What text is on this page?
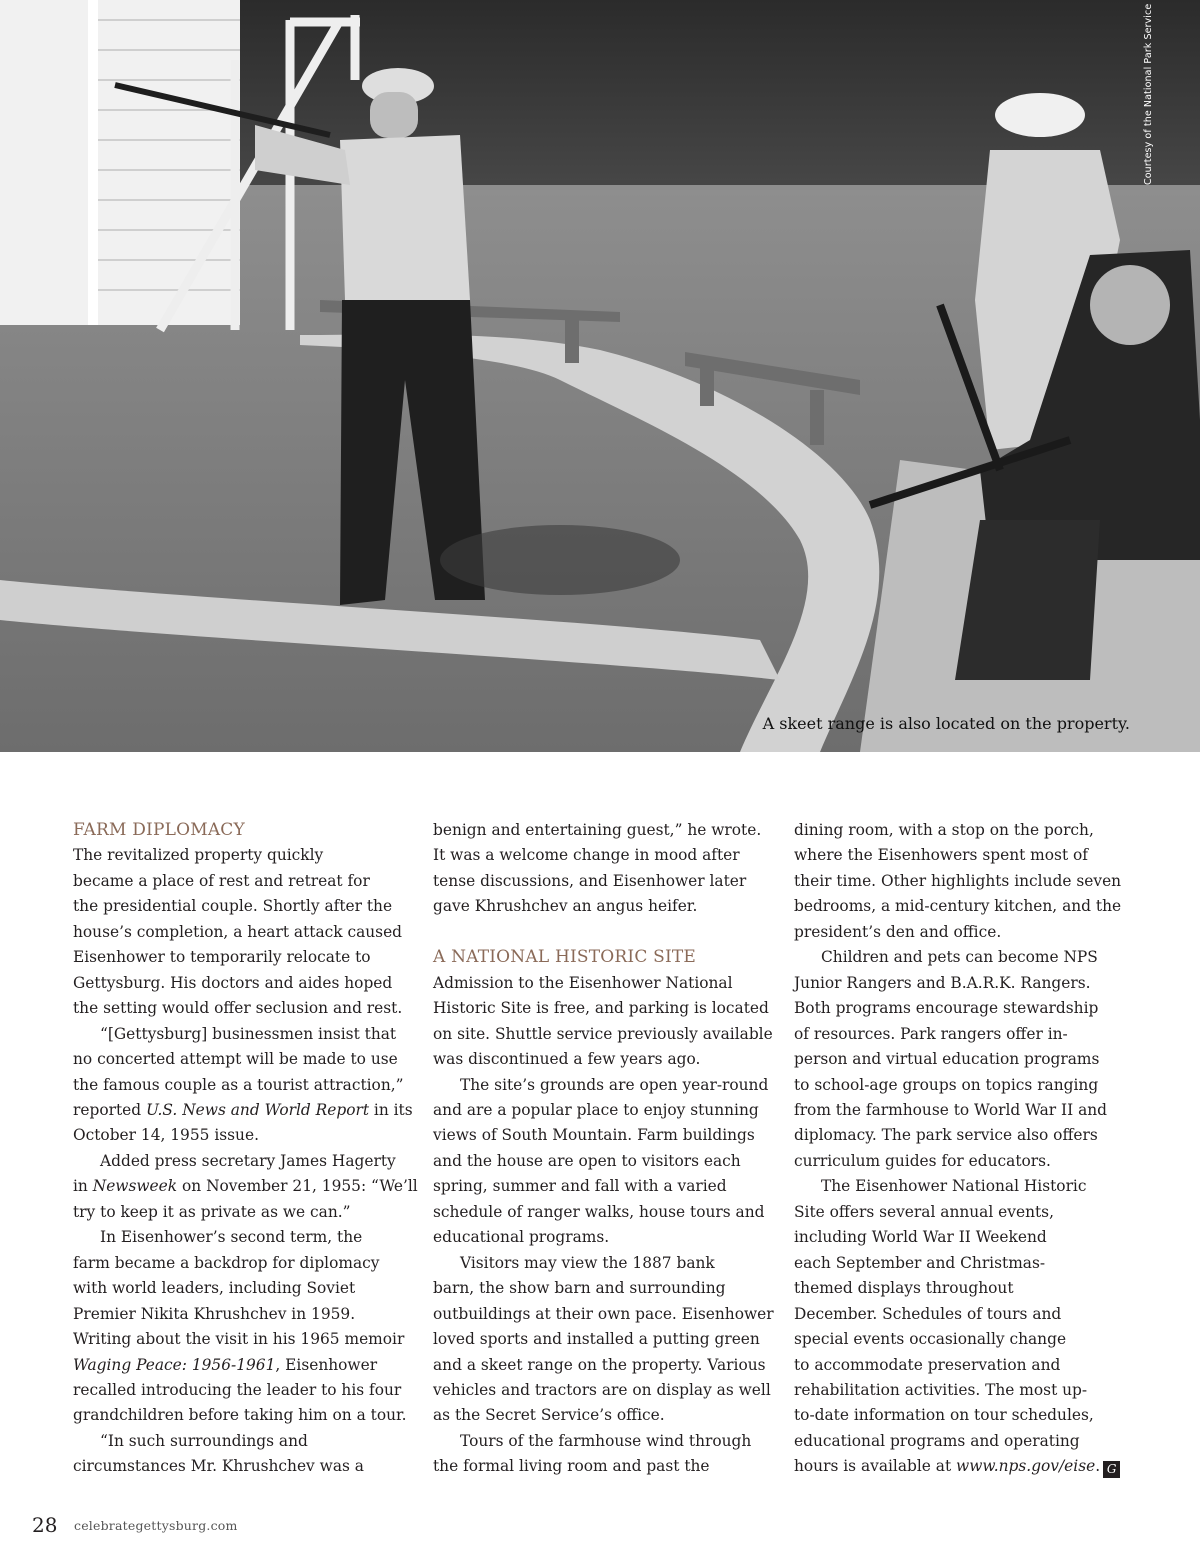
Courtesy of the National Park Service
A skeet range is also located on the property.
FARM DIPLOMACY

The revitalized property quickly
became a place of rest and retreat for
the presidential couple. Shortly after the
house’s completion, a heart attack caused
Eisenhower to temporarily relocate to
Gettysburg. His doctors and aides hoped
the setting would offer seclusion and rest.

“[Gettysburg] businessmen insist that
no concerted attempt will be made to use
the famous couple as a tourist attraction,”
reported U.S. News and World Report in its
October 14, 1955 issue.

Added press secretary James Hagerty
in Newsweek on November 21, 1955: “We’ll
try to keep it as private as we can.”

In Eisenhower’s second term, the
farm became a backdrop for diplomacy
with world leaders, including Soviet
Premier Nikita Khrushchev in 1959.
Writing about the visit in his 1965 memoir
Waging Peace: 1956-1961, Eisenhower
recalled introducing the leader to his four
grandchildren before taking him on a tour.

“In such surroundings and
circumstances Mr. Khrushchev was a

benign and entertaining guest,” he wrote.
It was a welcome change in mood after
tense discussions, and Eisenhower later
gave Khrushchev an angus heifer.

A NATIONAL HISTORIC SITE

Admission to the Eisenhower National
Historic Site is free, and parking is located
on site. Shuttle service previously available
was discontinued a few years ago.

The site’s grounds are open year-round
and are a popular place to enjoy stunning
views of South Mountain. Farm buildings
and the house are open to visitors each
spring, summer and fall with a varied
schedule of ranger walks, house tours and
educational programs.

Visitors may view the 1887 bank
barn, the show barn and surrounding
outbuildings at their own pace. Eisenhower
loved sports and installed a putting green
and a skeet range on the property. Various
vehicles and tractors are on display as well
as the Secret Service’s office.

Tours of the farmhouse wind through
the formal living room and past the

dining room, with a stop on the porch,
where the Eisenhowers spent most of
their time. Other highlights include seven
bedrooms, a mid-century kitchen, and the
president’s den and office.

Children and pets can become NPS
Junior Rangers and B.A.R.K. Rangers.
Both programs encourage stewardship
of resources. Park rangers offer in-
person and virtual education programs
to school-age groups on topics ranging
from the farmhouse to World War II and
diplomacy. The park service also offers
curriculum guides for educators.

The Eisenhower National Historic
Site offers several annual events,
including World War II Weekend
each September and Christmas-
themed displays throughout
December. Schedules of tours and
special events occasionally change
to accommodate preservation and
rehabilitation activities. The most up-
to-date information on tour schedules,
educational programs and operating
hours is available at www.nps.gov/eise. G

28 celebrategettysburg.com
